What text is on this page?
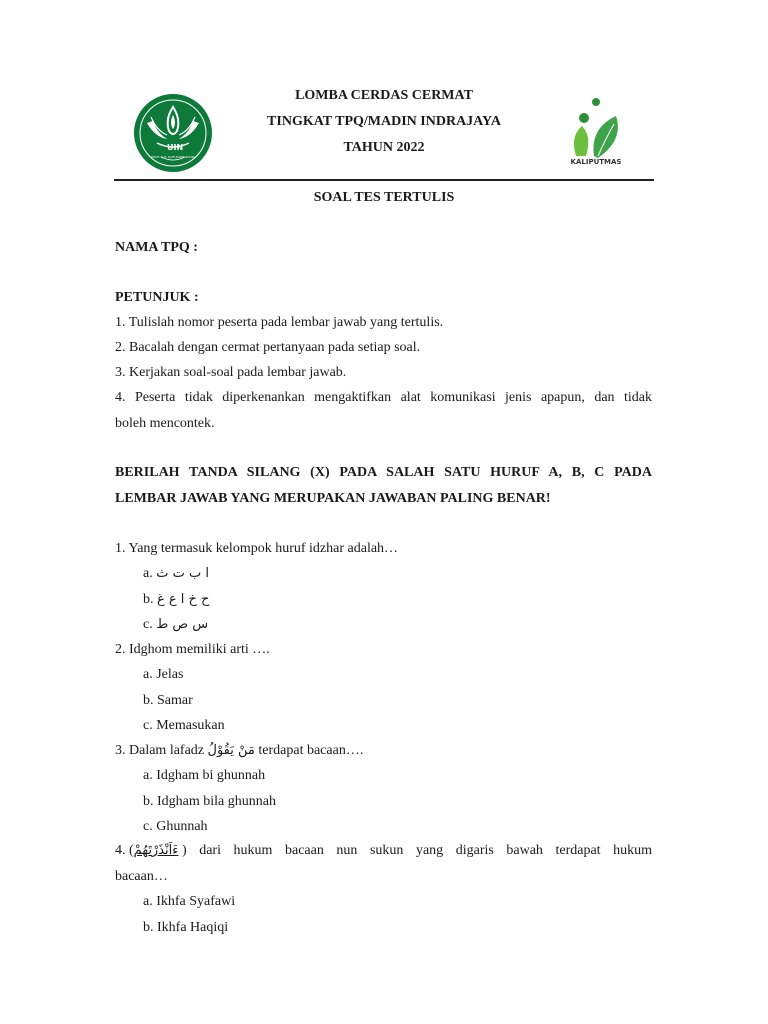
UIN
PROF. K.H. SAIFUDDIN ZUHRI
LOMBA CERDAS CERMAT
TINGKAT TPQ/MADIN INDRAJAYA
TAHUN 2022
KALIPUTMAS
SOAL TES TERTULIS
NAMA TPQ :
PETUNJUK :
1. Tulislah nomor peserta pada lembar jawab yang tertulis.
2. Bacalah dengan cermat pertanyaan pada setiap soal.
3. Kerjakan soal-soal pada lembar jawab.
4. Peserta tidak diperkenankan mengaktifkan alat komunikasi jenis apapun, dan tidak
boleh mencontek.
BERILAH TANDA SILANG (X) PADA SALAH SATU HURUF A, B, C PADA
LEMBAR JAWAB YANG MERUPAKAN JAWABAN PALING BENAR!
1. Yang termasuk kelompok huruf idzhar adalah…
a. ا ب ت ث
b. ح خ ا ع غ
c. س ص ط
2. Idghom memiliki arti ….
a. Jelas
b. Samar
c. Memasukan
3. Dalam lafadz مَنْ يَقُوْلُ terdapat bacaan….
a. Idgham bi ghunnah
b. Idgham bila ghunnah
c. Ghunnah
4. (ءَاَنْذَرْتَهُمْ ) dari hukum bacaan nun sukun yang digaris bawah terdapat hukum
bacaan…
a. Ikhfa Syafawi
b. Ikhfa Haqiqi
